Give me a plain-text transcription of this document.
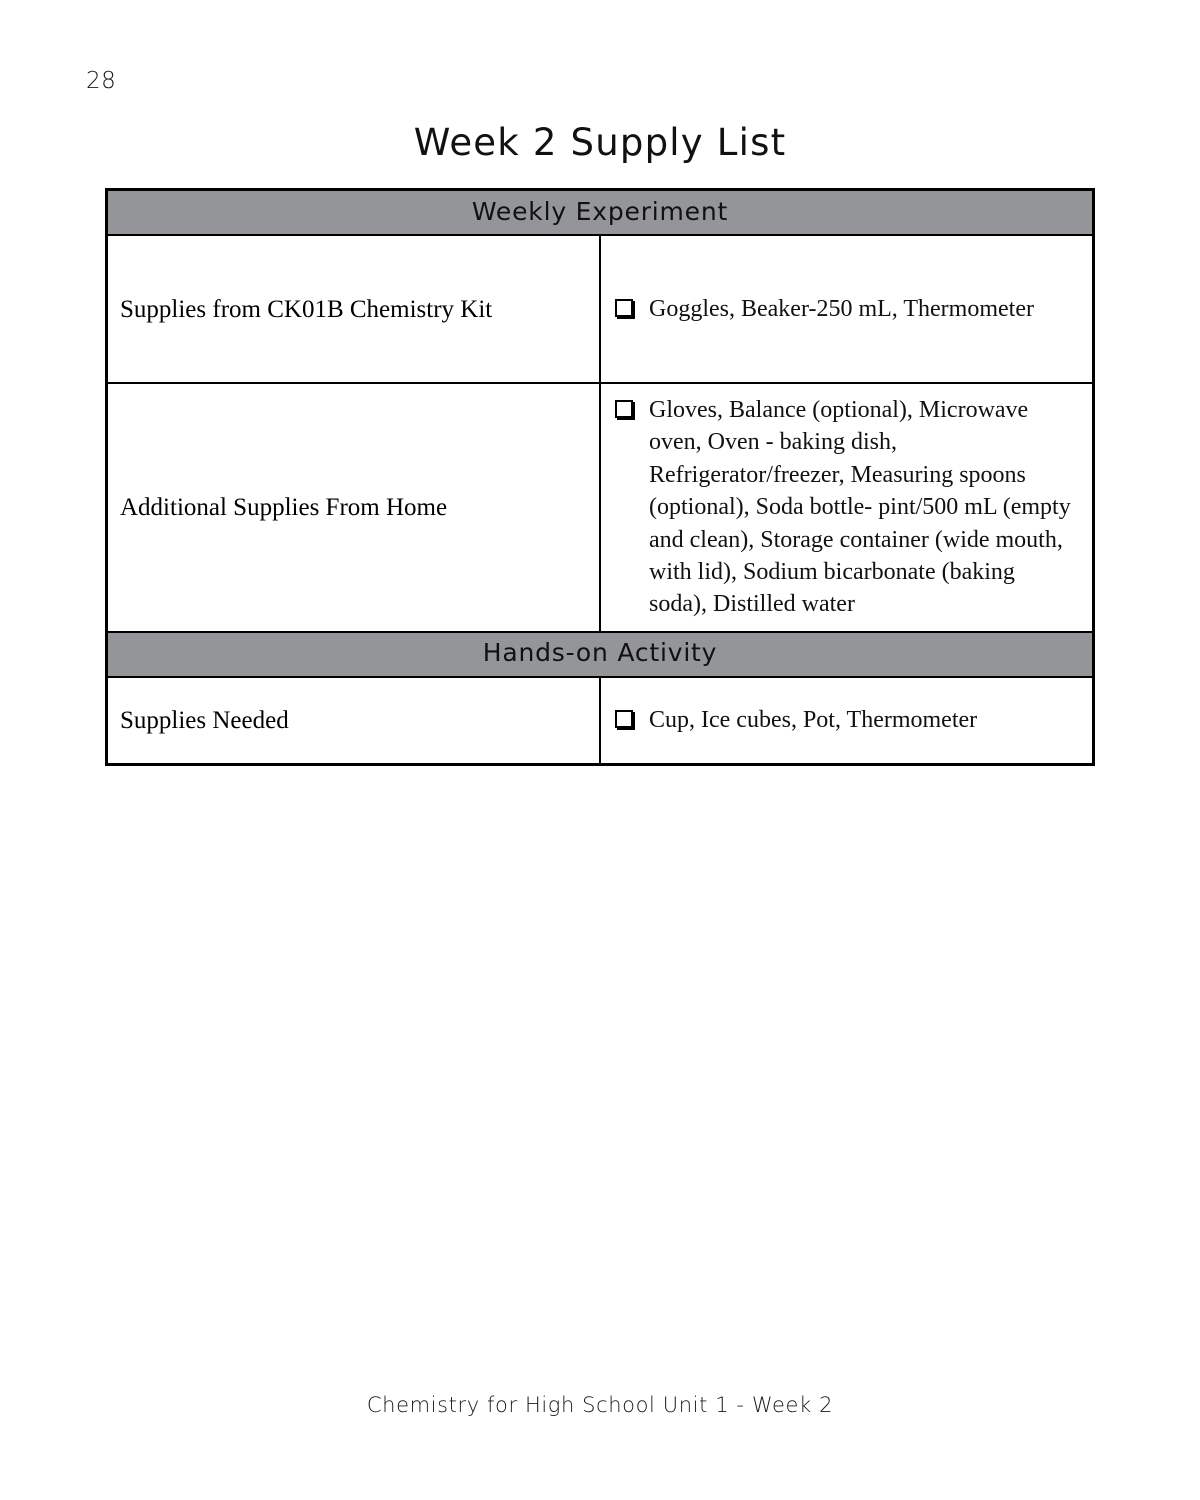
28
Week 2 Supply List
Weekly Experiment	
Supplies from CK01B Chemistry Kit	Goggles, Beaker-250 mL, Thermometer

Additional Supplies From Home	Gloves, Balance (optional), Microwave oven, Oven - baking dish, Refrigerator/freezer, Measuring spoons (optional), Soda bottle- pint/500 mL (empty and clean), Storage container (wide mouth, with lid), Sodium bicarbonate (baking soda), Distilled water

Hands-on Activity	
Supplies Needed	Cup, Ice cubes, Pot, Thermometer
Chemistry for High School Unit 1 - Week 2
